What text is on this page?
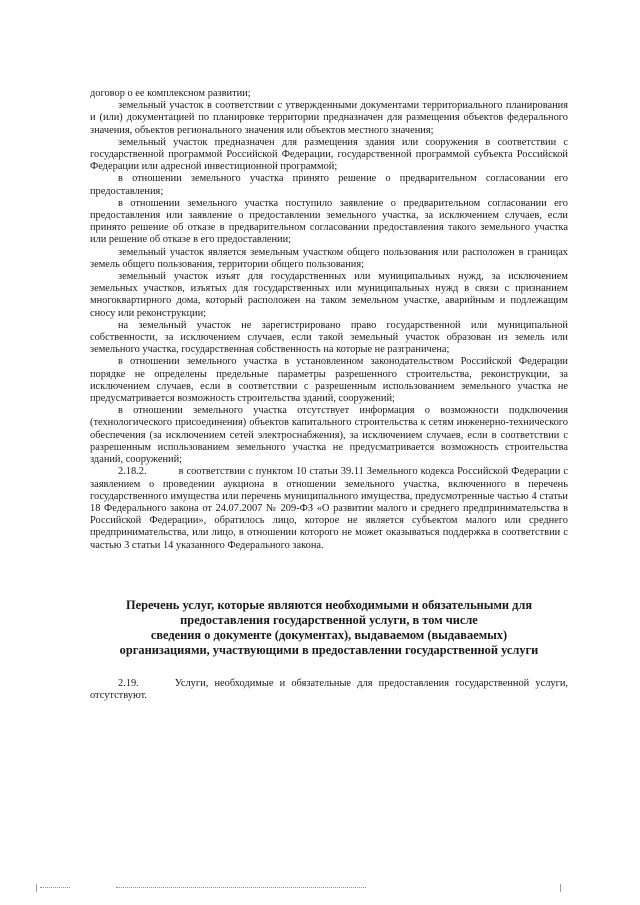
договор о ее комплексном развитии;

земельный участок в соответствии с утвержденными документами территориального планирования и (или) документацией по планировке территории предназначен для размещения объектов федерального значения, объектов регионального значения или объектов местного значения;

земельный участок предназначен для размещения здания или сооружения в соответствии с государственной программой Российской Федерации, государственной программой субъекта Российской Федерации или адресной инвестиционной программой;

в отношении земельного участка принято решение о предварительном согласовании его предоставления;

в отношении земельного участка поступило заявление о предварительном согласовании его предоставления или заявление о предоставлении земельного участка, за исключением случаев, если принято решение об отказе в предварительном согласовании предоставления такого земельного участка или решение об отказе в его предоставлении;

земельный участок является земельным участком общего пользования или расположен в границах земель общего пользования, территории общего пользования;

земельный участок изъят для государственных или муниципальных нужд, за исключением земельных участков, изъятых для государственных или муниципальных нужд в связи с признанием многоквартирного дома, который расположен на таком земельном участке, аварийным и подлежащим сносу или реконструкции;

на земельный участок не зарегистрировано право государственной или муниципальной собственности, за исключением случаев, если такой земельный участок образован из земель или земельного участка, государственная собственность на которые не разграничена;

в отношении земельного участка в установленном законодательством Российской Федерации порядке не определены предельные параметры разрешенного строительства, реконструкции, за исключением случаев, если в соответствии с разрешенным использованием земельного участка не предусматривается возможность строительства зданий, сооружений;

в отношении земельного участка отсутствует информация о возможности подключения (технологического присоединения) объектов капитального строительства к сетям инженерно-технического обеспечения (за исключением сетей электроснабжения), за исключением случаев, если в соответствии с разрешенным использованием земельного участка не предусматривается возможность строительства зданий, сооружений;

2.18.2.	в соответствии с пунктом 10 статьи 39.11 Земельного кодекса Российской Федерации с заявлением о проведении аукциона в отношении земельного участка, включенного в перечень государственного имущества или перечень муниципального имущества, предусмотренные частью 4 статьи 18 Федерального закона от 24.07.2007 № 209-ФЗ «О развитии малого и среднего предпринимательства в Российской Федерации», обратилось лицо, которое не является субъектом малого или среднего предпринимательства, или лицо, в отношении которого не может оказываться поддержка в соответствии с частью 3 статьи 14 указанного Федерального закона.

Перечень услуг, которые являются необходимыми и обязательными для
предоставления государственной услуги, в том числе
сведения о документе (документах), выдаваемом (выдаваемых)
организациями, участвующими в предоставлении государственной услуги

2.19.	Услуги, необходимые и обязательные для предоставления государственной услуги, отсутствуют.
